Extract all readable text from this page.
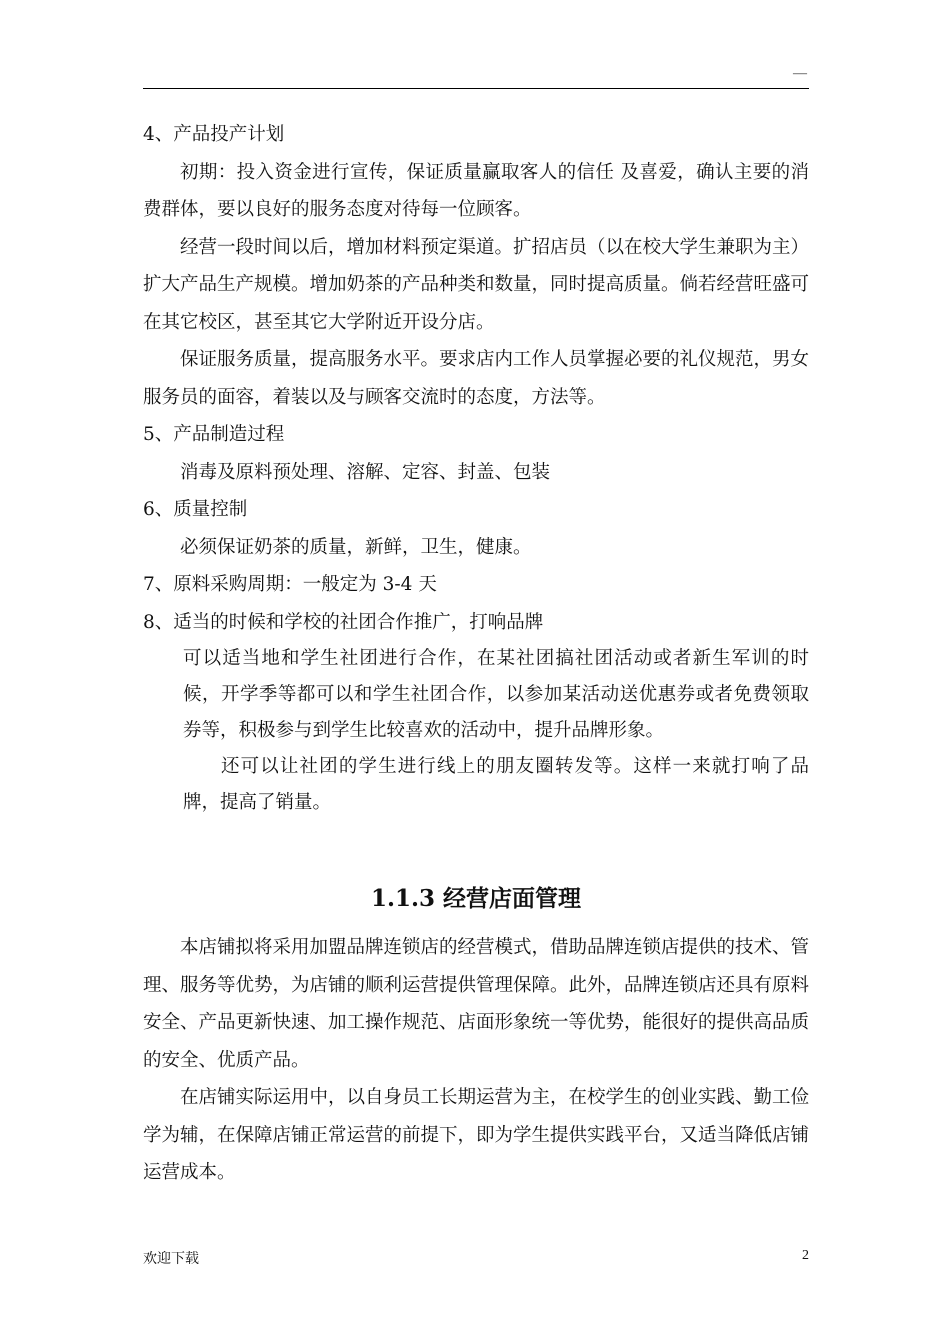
—

4、产品投产计划

初期：投入资金进行宣传，保证质量赢取客人的信任 及喜爱，确认主要的消费群体，要以良好的服务态度对待每一位顾客。

经营一段时间以后，增加材料预定渠道。扩招店员（以在校大学生兼职为主）扩大产品生产规模。增加奶茶的产品种类和数量，同时提高质量。倘若经营旺盛可在其它校区，甚至其它大学附近开设分店。

保证服务质量，提高服务水平。要求店内工作人员掌握必要的礼仪规范，男女服务员的面容，着装以及与顾客交流时的态度，方法等。

5、产品制造过程

消毒及原料预处理、溶解、定容、封盖、包装

6、质量控制

必须保证奶茶的质量，新鲜，卫生，健康。

7、原料采购周期：一般定为 3-4 天

8、适当的时候和学校的社团合作推广，打响品牌

可以适当地和学生社团进行合作，在某社团搞社团活动或者新生军训的时候，开学季等都可以和学生社团合作，以参加某活动送优惠券或者免费领取券等，积极参与到学生比较喜欢的活动中，提升品牌形象。

还可以让社团的学生进行线上的朋友圈转发等。这样一来就打响了品牌，提高了销量。

1.1.3 经营店面管理

本店铺拟将采用加盟品牌连锁店的经营模式，借助品牌连锁店提供的技术、管理、服务等优势，为店铺的顺利运营提供管理保障。此外，品牌连锁店还具有原料安全、产品更新快速、加工操作规范、店面形象统一等优势，能很好的提供高品质的安全、优质产品。

在店铺实际运用中，以自身员工长期运营为主，在校学生的创业实践、勤工俭学为辅，在保障店铺正常运营的前提下，即为学生提供实践平台，又适当降低店铺运营成本。

欢迎下载	2
